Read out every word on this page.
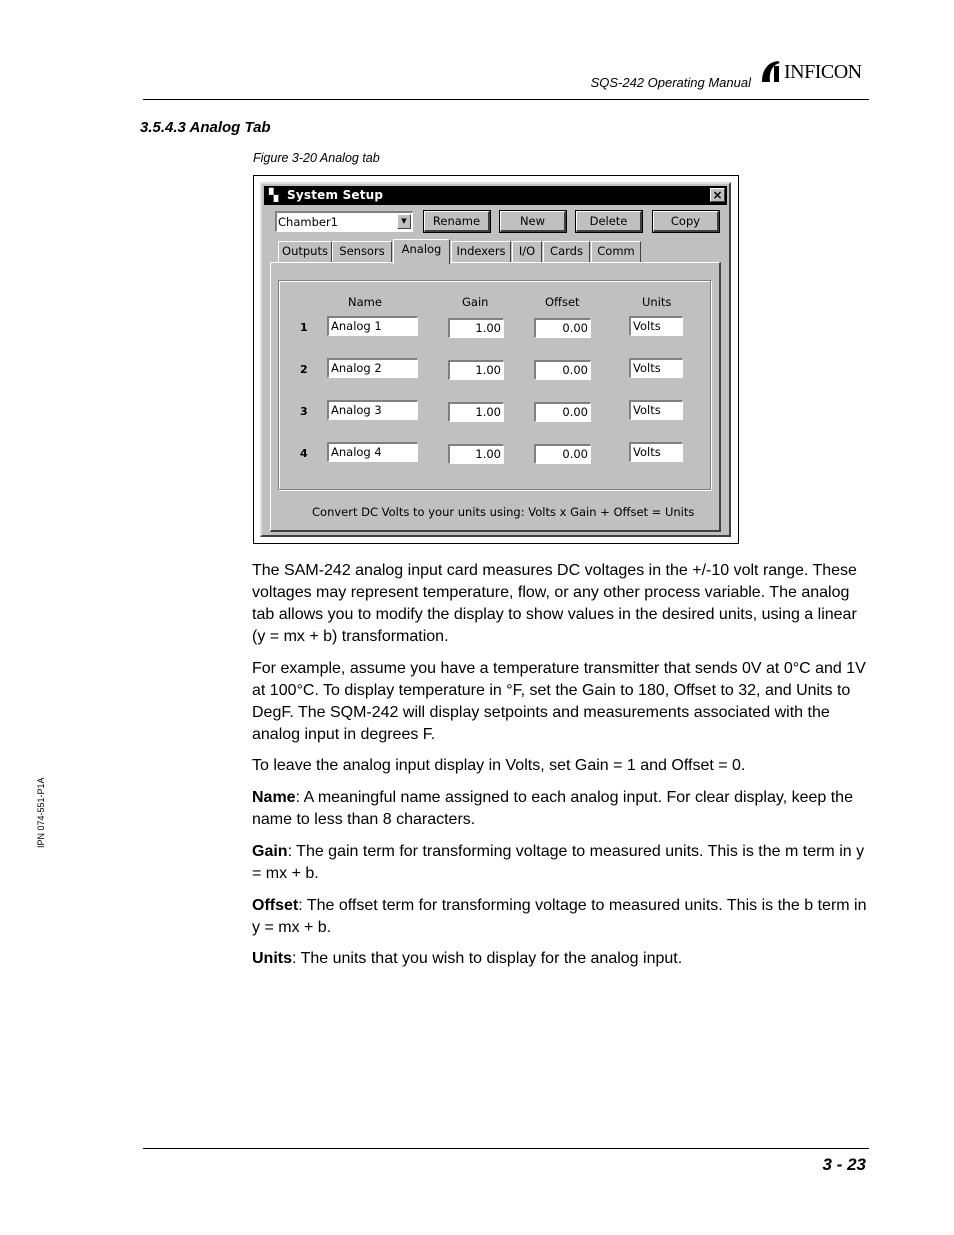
SQS-242 Operating Manual INFICON
3.5.4.3 Analog Tab
Figure 3-20 Analog tab
▚ System Setup	×
Chamber1	▼	Rename	New	Delete	Copy
Outputs Sensors	Analog	Indexers	I/O	Cards	Comm
Name	Gain	Offset	Units
1	Analog 1	1.00	0.00	Volts
2	Analog 2	1.00	0.00	Volts
3	Analog 3	1.00	0.00	Volts
4	Analog 4	1.00	0.00	Volts
Convert DC Volts to your units using: Volts x Gain + Offset = Units
The SAM-242 analog input card measures DC voltages in the +/-10 volt range. These voltages may represent temperature, flow, or any other process variable. The analog tab allows you to modify the display to show values in the desired units, using a linear (y = mx + b) transformation.
For example, assume you have a temperature transmitter that sends 0V at 0°C and 1V at 100°C. To display temperature in °F, set the Gain to 180, Offset to 32, and Units to DegF. The SQM-242 will display setpoints and measurements associated with the analog input in degrees F.
To leave the analog input display in Volts, set Gain = 1 and Offset = 0.
Name: A meaningful name assigned to each analog input. For clear display, keep the name to less than 8 characters.
Gain: The gain term for transforming voltage to measured units. This is the m term in y = mx + b.
Offset: The offset term for transforming voltage to measured units. This is the b term in y = mx + b.
Units: The units that you wish to display for the analog input.
IPN 074-551-P1A
3 - 23
